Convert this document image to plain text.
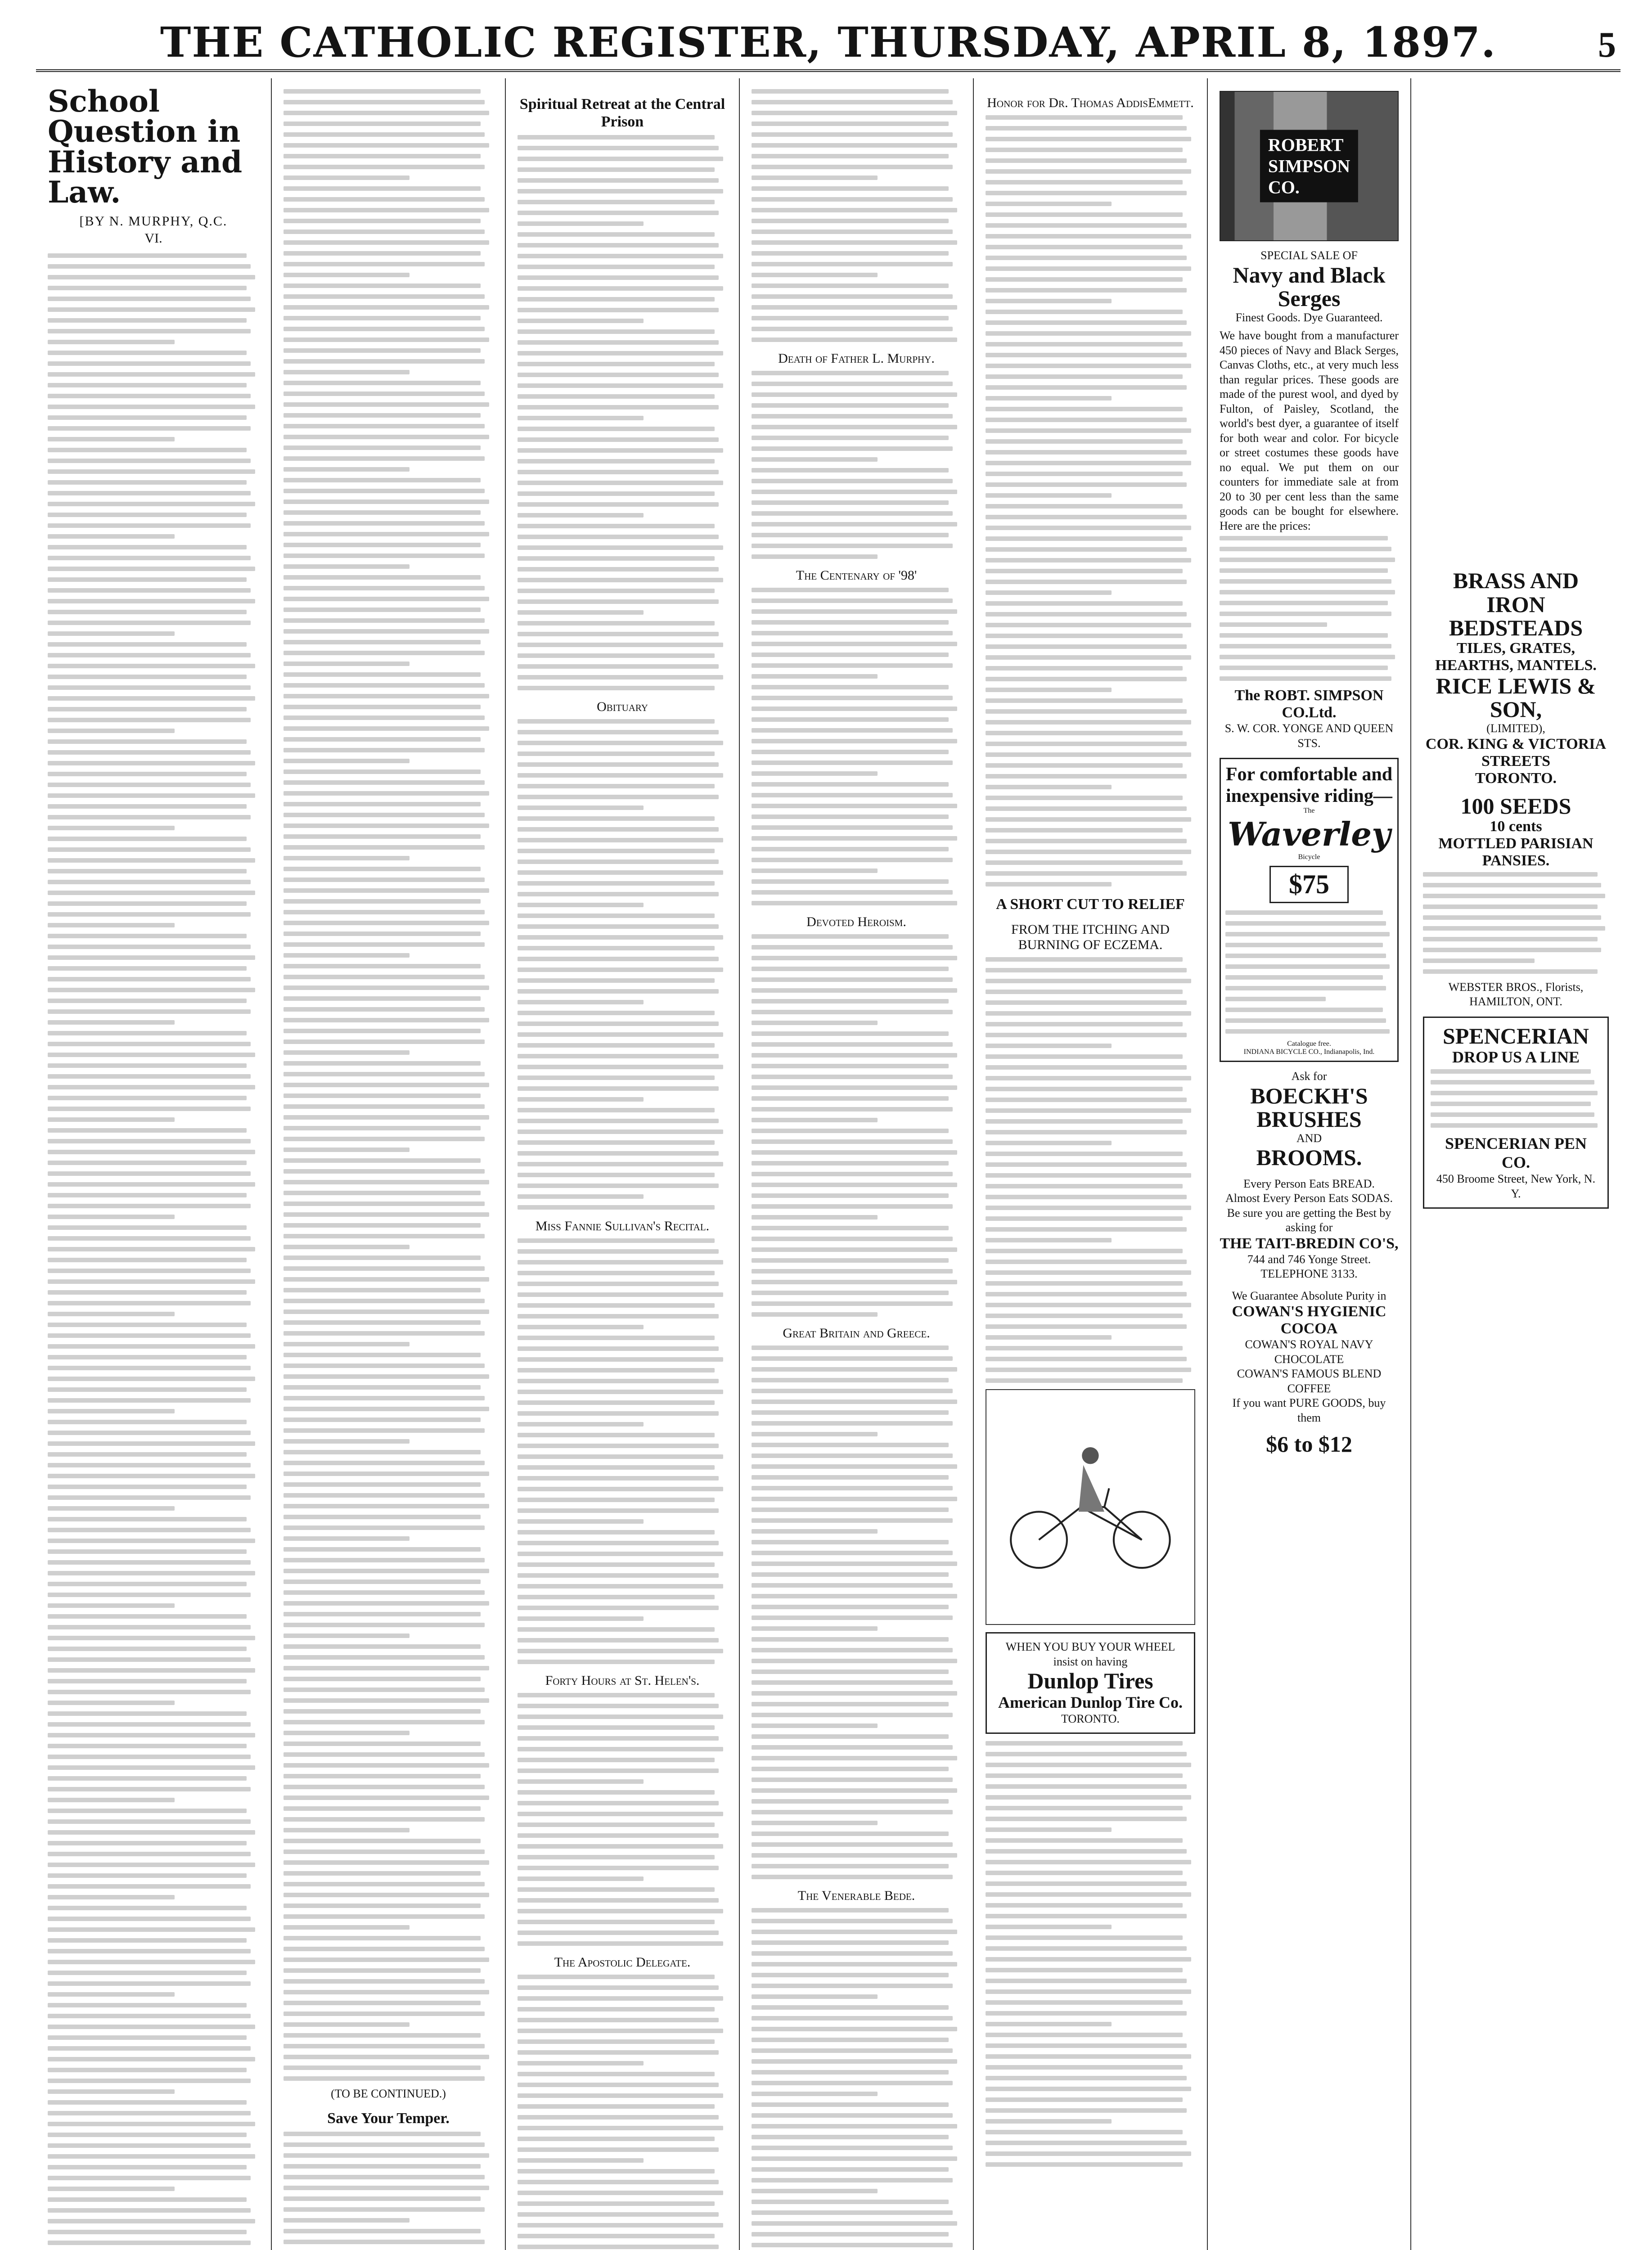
THE CATHOLIC REGISTER, THURSDAY, APRIL 8, 1897.	5
School Question in History and Law.
[BY N. MURPHY, Q.C.
VI.
(TO BE CONTINUED.)
Save Your Temper.
Spiritual Retreat at the Central Prison
Obituary
Miss Fannie Sullivan's Recital.
Forty Hours at St. Helen's.
The Apostolic Delegate.
Death of Father L. Murphy.
The Centenary of '98'
Devoted Heroism.
Great Britain and Greece.
The Venerable Bede.
Honor for Dr. Thomas AddisEmmett.
A SHORT CUT TO RELIEF
FROM THE ITCHING AND BURNING OF ECZEMA.
WHEN YOU BUY YOUR WHEEL insist on having
Dunlop Tires
American Dunlop Tire Co.
TORONTO.
ROBERT SIMPSON CO.
SPECIAL SALE OF
Navy and Black Serges
Finest Goods. Dye Guaranteed.
We have bought from a manufacturer 450 pieces of Navy and Black Serges, Canvas Cloths, etc., at very much less than regular prices. These goods are made of the purest wool, and dyed by Fulton, of Paisley, Scotland, the world's best dyer, a guarantee of itself for both wear and color. For bicycle or street costumes these goods have no equal. We put them on our counters for immediate sale at from 20 to 30 per cent less than the same goods can be bought for elsewhere. Here are the prices:
The ROBT. SIMPSON CO.Ltd.
S. W. COR. YONGE AND QUEEN STS.
For comfortable and inexpensive riding—
The
Waverley
Bicycle
$75
Catalogue free.
INDIANA BICYCLE CO., Indianapolis, Ind.
Ask for
BOECKH'S BRUSHES
AND
BROOMS.
Every Person Eats BREAD.
Almost Every Person Eats SODAS.
Be sure you are getting the Best by asking for
THE TAIT-BREDIN CO'S,
744 and 746 Yonge Street.
TELEPHONE 3133.
We Guarantee Absolute Purity in
COWAN'S HYGIENIC COCOA
COWAN'S ROYAL NAVY CHOCOLATE
COWAN'S FAMOUS BLEND COFFEE
If you want PURE GOODS, buy them
$6 to $12
BRASS AND IRON
BEDSTEADS
TILES, GRATES,
HEARTHS, MANTELS.
RICE LEWIS & SON,
(LIMITED),
COR. KING & VICTORIA STREETS
TORONTO.
100 SEEDS
10 cents
MOTTLED PARISIAN PANSIES.
WEBSTER BROS., Florists,
HAMILTON, ONT.
SPENCERIAN
DROP US A LINE
SPENCERIAN PEN CO.
450 Broome Street, New York, N. Y.
